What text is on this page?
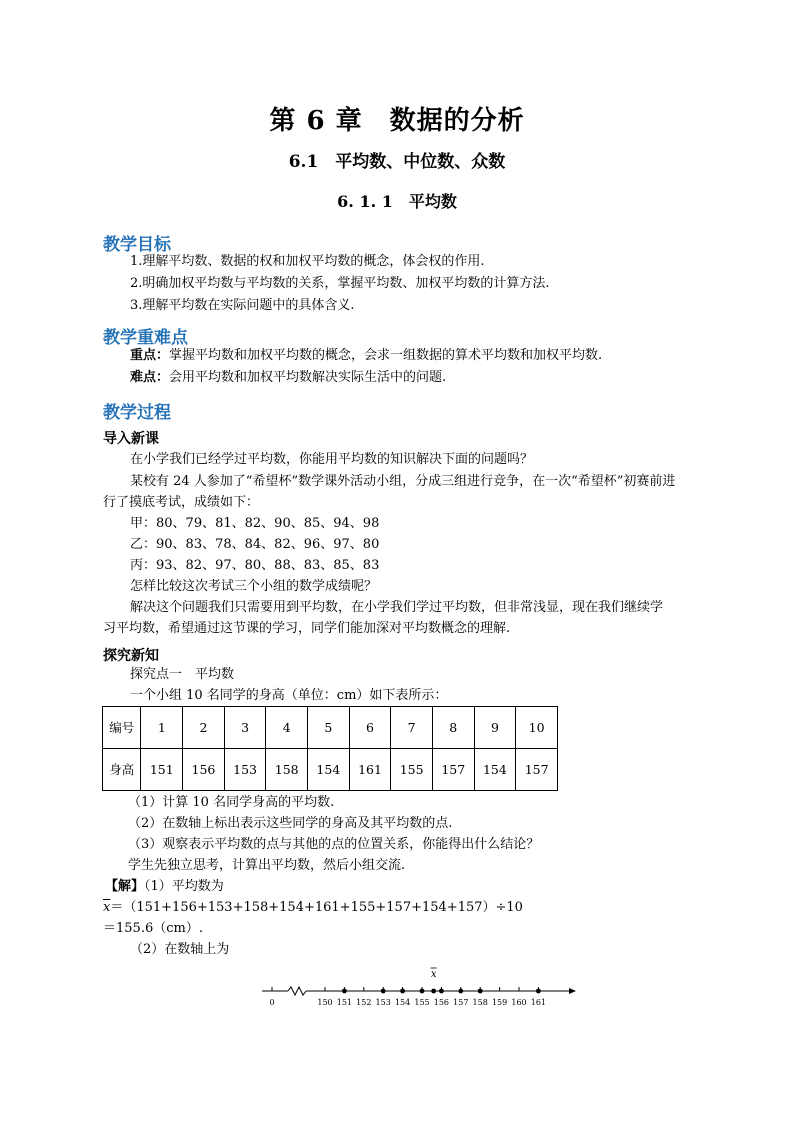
第 6 章　数据的分析
6.1　平均数、中位数、众数
6. 1. 1　平均数
教学目标
1.理解平均数、数据的权和加权平均数的概念，体会权的作用.
2.明确加权平均数与平均数的关系，掌握平均数、加权平均数的计算方法.
3.理解平均数在实际问题中的具体含义.
教学重难点
重点：掌握平均数和加权平均数的概念，会求一组数据的算术平均数和加权平均数.
难点：会用平均数和加权平均数解决实际生活中的问题.
教学过程
导入新课
在小学我们已经学过平均数，你能用平均数的知识解决下面的问题吗？
某校有 24 人参加了“希望杯”数学课外活动小组，分成三组进行竞争，在一次“希望杯”初赛前进
行了摸底考试，成绩如下：
甲：80、79、81、82、90、85、94、98
乙：90、83、78、84、82、96、97、80
丙：93、82、97、80、88、83、85、83
怎样比较这次考试三个小组的数学成绩呢？
解决这个问题我们只需要用到平均数，在小学我们学过平均数，但非常浅显，现在我们继续学
习平均数，希望通过这节课的学习，同学们能加深对平均数概念的理解.
探究新知
探究点一　平均数
一个小组 10 名同学的身高（单位：cm）如下表所示：
编号	1	2	3	4	5	6	7	8	9	10
身高	151	156	153	158	154	161	155	157	154	157
（1）计算 10 名同学身高的平均数.
（2）在数轴上标出表示这些同学的身高及其平均数的点.
（3）观察表示平均数的点与其他的点的位置关系，你能得出什么结论？
学生先独立思考，计算出平均数，然后小组交流.
【解】（1）平均数为
$\overline{x}=(151+156+153+158+154+161+155+157+154+157)\div 10$
＝155.6（cm）.
（2）在数轴上为
0	150 151 152 153 154 155 156 157 158 159 160 161
x
